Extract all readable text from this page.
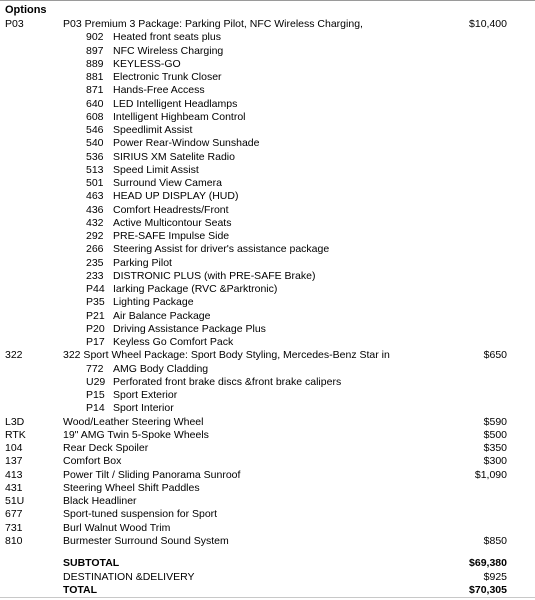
Options
P03	P03 Premium 3 Package: Parking Pilot, NFC Wireless Charging,	$10,400
902 Heated front seats plus
897 NFC Wireless Charging
889 KEYLESS-GO
881 Electronic Trunk Closer
871 Hands-Free Access
640 LED Intelligent Headlamps
608 Intelligent Highbeam Control
546 Speedlimit Assist
540 Power Rear-Window Sunshade
536 SIRIUS XM Satelite Radio
513 Speed Limit Assist
501 Surround View Camera
463 HEAD UP DISPLAY (HUD)
436 Comfort Headrests/Front
432 Active Multicontour Seats
292 PRE-SAFE Impulse Side
266 Steering Assist for driver's assistance package
235 Parking Pilot
233 DISTRONIC PLUS (with PRE-SAFE Brake)
P44 Iarking Package (RVC &Parktronic)
P35 Lighting Package
P21 Air Balance Package
P20 Driving Assistance Package Plus
P17 Keyless Go Comfort Pack
322	322 Sport Wheel Package: Sport Body Styling, Mercedes-Benz Star in	$650
772 AMG Body Cladding
U29 Perforated front brake discs &front brake calipers
P15 Sport Exterior
P14 Sport Interior
L3D	Wood/Leather Steering Wheel	$590
RTK	19" AMG Twin 5-Spoke Wheels	$500
104	Rear Deck Spoiler	$350
137	Comfort Box	$300
413	Power Tilt / Sliding Panorama Sunroof	$1,090
431	Steering Wheel Shift Paddles
51U	Black Headliner
677	Sport-tuned suspension for Sport
731	Burl Walnut Wood Trim
810	Burmester Surround Sound System	$850
SUBTOTAL	$69,380
DESTINATION &DELIVERY	$925
TOTAL	$70,305
